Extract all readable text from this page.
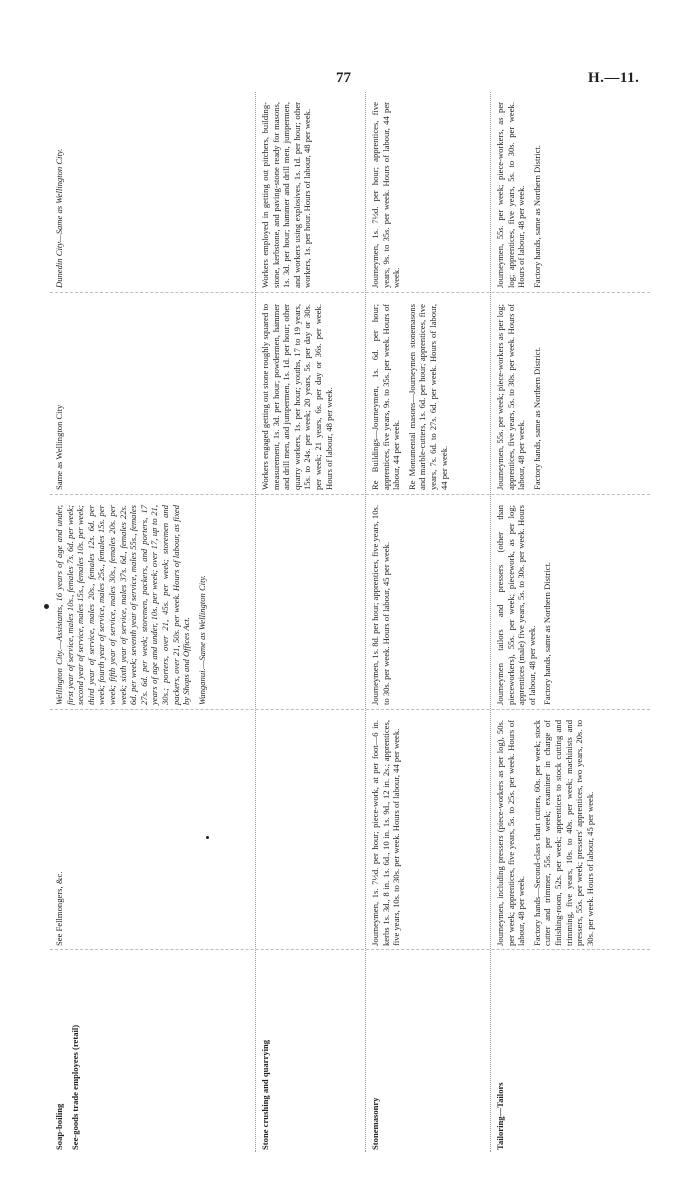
77	H.—11.

Soap-boiling See-goods trade employees (retail)

See Fellmongers, &c.

Wellington City.—Assistants, 16 years of age and under, first year of service, males 10s., females 7s. 6d. per week; second year of service, males 15s., females 10s. per week; third year of service, males 20s., females 12s. 6d. per week; fourth year of service, males 25s., females 15s. per week; fifth year of service, males 30s., females 20s. per week; sixth year of service, males 37s. 6d., females 22s. 6d. per week; seventh year of service, males 55s., females 27s. 6d. per week; storemen, packers, and porters, 17 years of age and under, 10s. per week; over 17, up to 21, 30s.; porters, over 21, 45s. per week; storemen and packers, over 21, 50s. per week. Hours of labour, as fixed by Shops and Offices Act. Wanganui.—Same as Wellington City.

Same as Wellington City

Dunedin City—Same as Wellington City.

Stone crushing and quarrying

Workers engaged getting out stone roughly squared to measurement, 1s. 3d. per hour; powdermen, hammer and drill men, and jumpermen, 1s. 1d. per hour; other quarry workers, 1s. per hour; youths, 17 to 19 years, 15s. to 24s. per week; 20 years, 5s. per day or 30s. per week; 21 years, 6s. per day or 36s. per week. Hours of labour, 48 per week.

Workers employed in getting out pitchers, building-stone, kerbstone, and paving-stone ready for masons, 1s. 3d. per hour; hammer and drill men, jumpermen, and workers using explosives, 1s. 1d. per hour; other workers, 1s. per hour. Hours of labour, 48 per week.

Stonemasonry

Journeymen, 1s. 7½d. per hour; piece-work, at per foot—6 in. kerbs 1s. 3d., 8 in. 1s. 6d., 10 in. 1s. 9d., 12 in. 2s.; apprentices, five years, 10s. to 30s. per week. Hours of labour, 44 per week.

Journeymen, 1s. 8d. per hour; apprentices, five years, 10s. to 30s. per week. Hours of labour, 45 per week.

Re Buildings—Journeymen, 1s. 6d. per hour; apprentices, five years, 9s. to 35s. per week. Hours of labour, 44 per week. Re Monumental masons—Journeymen stonemasons and marble-cutters, 1s. 6d. per hour; apprentices, five years, 7s. 6d. to 27s. 6d. per week. Hours of labour, 44 per week.

Journeymen, 1s. 7½d. per hour; apprentices, five years, 9s. to 35s. per week. Hours of labour, 44 per week.

Tailoring—Tailors

Journeymen, including pressers (piece-workers as per log), 50s. per week; apprentices, five years, 5s. to 25s. per week. Hours of labour, 48 per week. Factory hands—Second-class chart cutters, 60s. per week; stock cutter and trimmer, 55s. per week; examiner in charge of finishing-room, 52s. per week; apprentices to stock cutting and trimming, five years, 10s. to 40s. per week; machinists and pressers, 55s. per week; pressers' apprentices, two years, 20s. to 30s. per week. Hours of labour, 45 per week.

Journeymen tailors and pressers (other than pieceworkers), 55s. per week; piecework, as per log; apprentices (male) five years, 5s. to 30s. per week. Hours of labour, 48 per week. Factory hands, same as Northern District.

Journeymen, 55s. per week; piece-workers as per log; apprentices, five years, 5s. to 30s. per week. Hours of labour, 48 per week. Factory hands, same as Northern District.

Journeymen, 55s. per week; piece-workers, as per log; apprentices, five years, 5s. to 30s. per week. Hours of labour, 48 per week. Factory hands, same as Northern District.
